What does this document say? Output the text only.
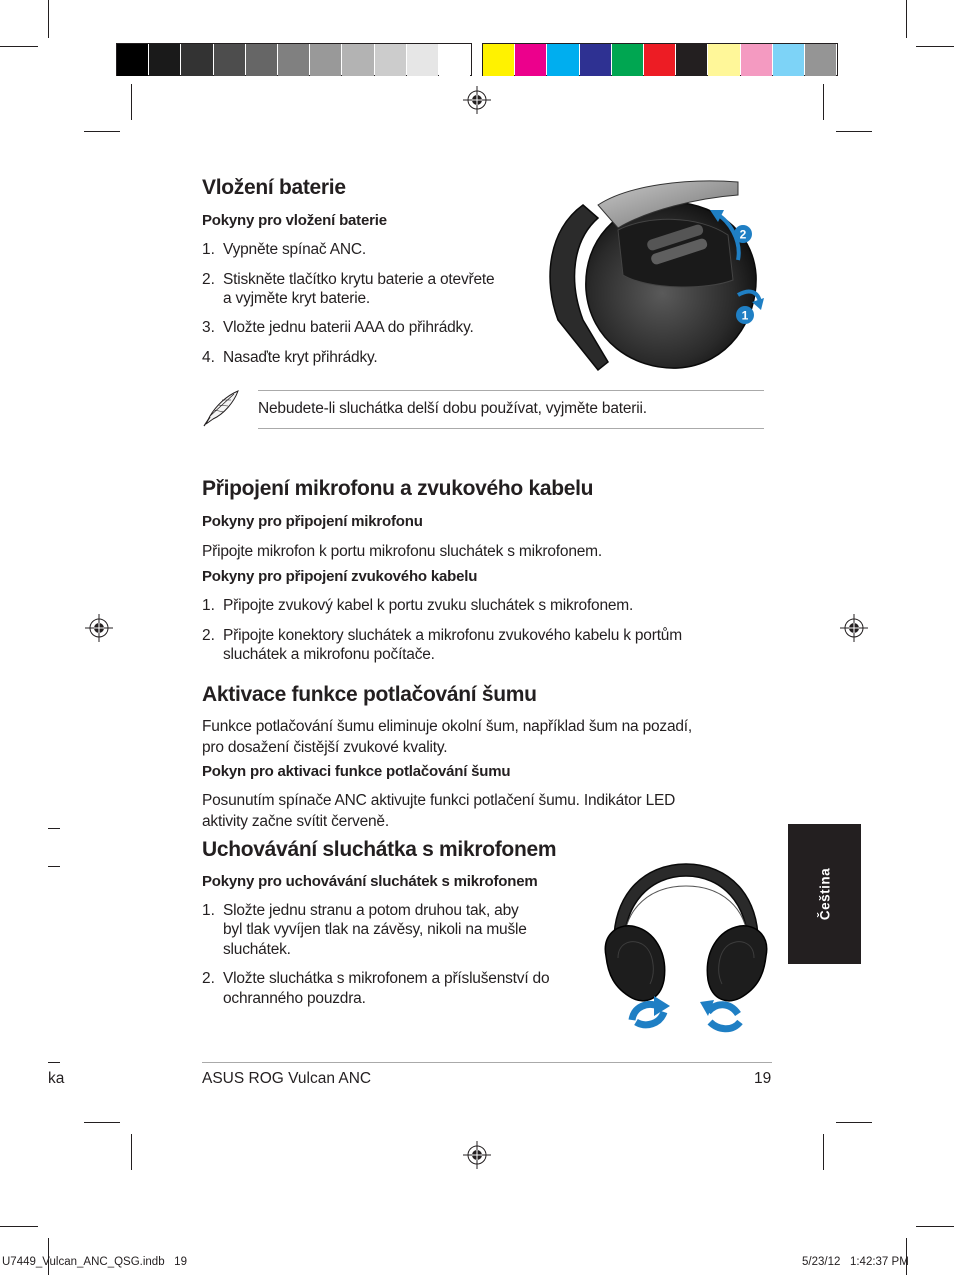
Vložení baterie

Pokyny pro vložení baterie

1. Vypněte spínač ANC.

2. Stiskněte tlačítko krytu baterie a otevřete

a vyjměte kryt baterie.

3. Vložte jednu baterii AAA do přihrádky.

4. Nasaďte kryt přihrádky.

2
1

Nebudete-li sluchátka delší dobu používat, vyjměte baterii.

Připojení mikrofonu a zvukového kabelu

Pokyny pro připojení mikrofonu

Připojte mikrofon k portu mikrofonu sluchátek s mikrofonem.

Pokyny pro připojení zvukového kabelu

1. Připojte zvukový kabel k portu zvuku sluchátek s mikrofonem.

2. Připojte konektory sluchátek a mikrofonu zvukového kabelu k portům

sluchátek a mikrofonu počítače.

Aktivace funkce potlačování šumu

Funkce potlačování šumu eliminuje okolní šum, například šum na pozadí,

pro dosažení čistější zvukové kvality.

Pokyn pro aktivaci funkce potlačování šumu

Posunutím spínače ANC aktivujte funkci potlačení šumu. Indikátor LED

aktivity začne svítit červeně.

Uchovávání sluchátka s mikrofonem

Pokyny pro uchovávání sluchátek s mikrofonem

1. Složte jednu stranu a potom druhou tak, aby

byl tlak vyvíjen tlak na závěsy, nikoli na mušle

sluchátek.

2. Vložte sluchátka s mikrofonem a příslušenství do

ochranného pouzdra.

Čeština
ka	ASUS ROG Vulcan ANC	19
U7449_Vulcan_ANC_QSG.indb   19	5/23/12   1:42:37 PM
